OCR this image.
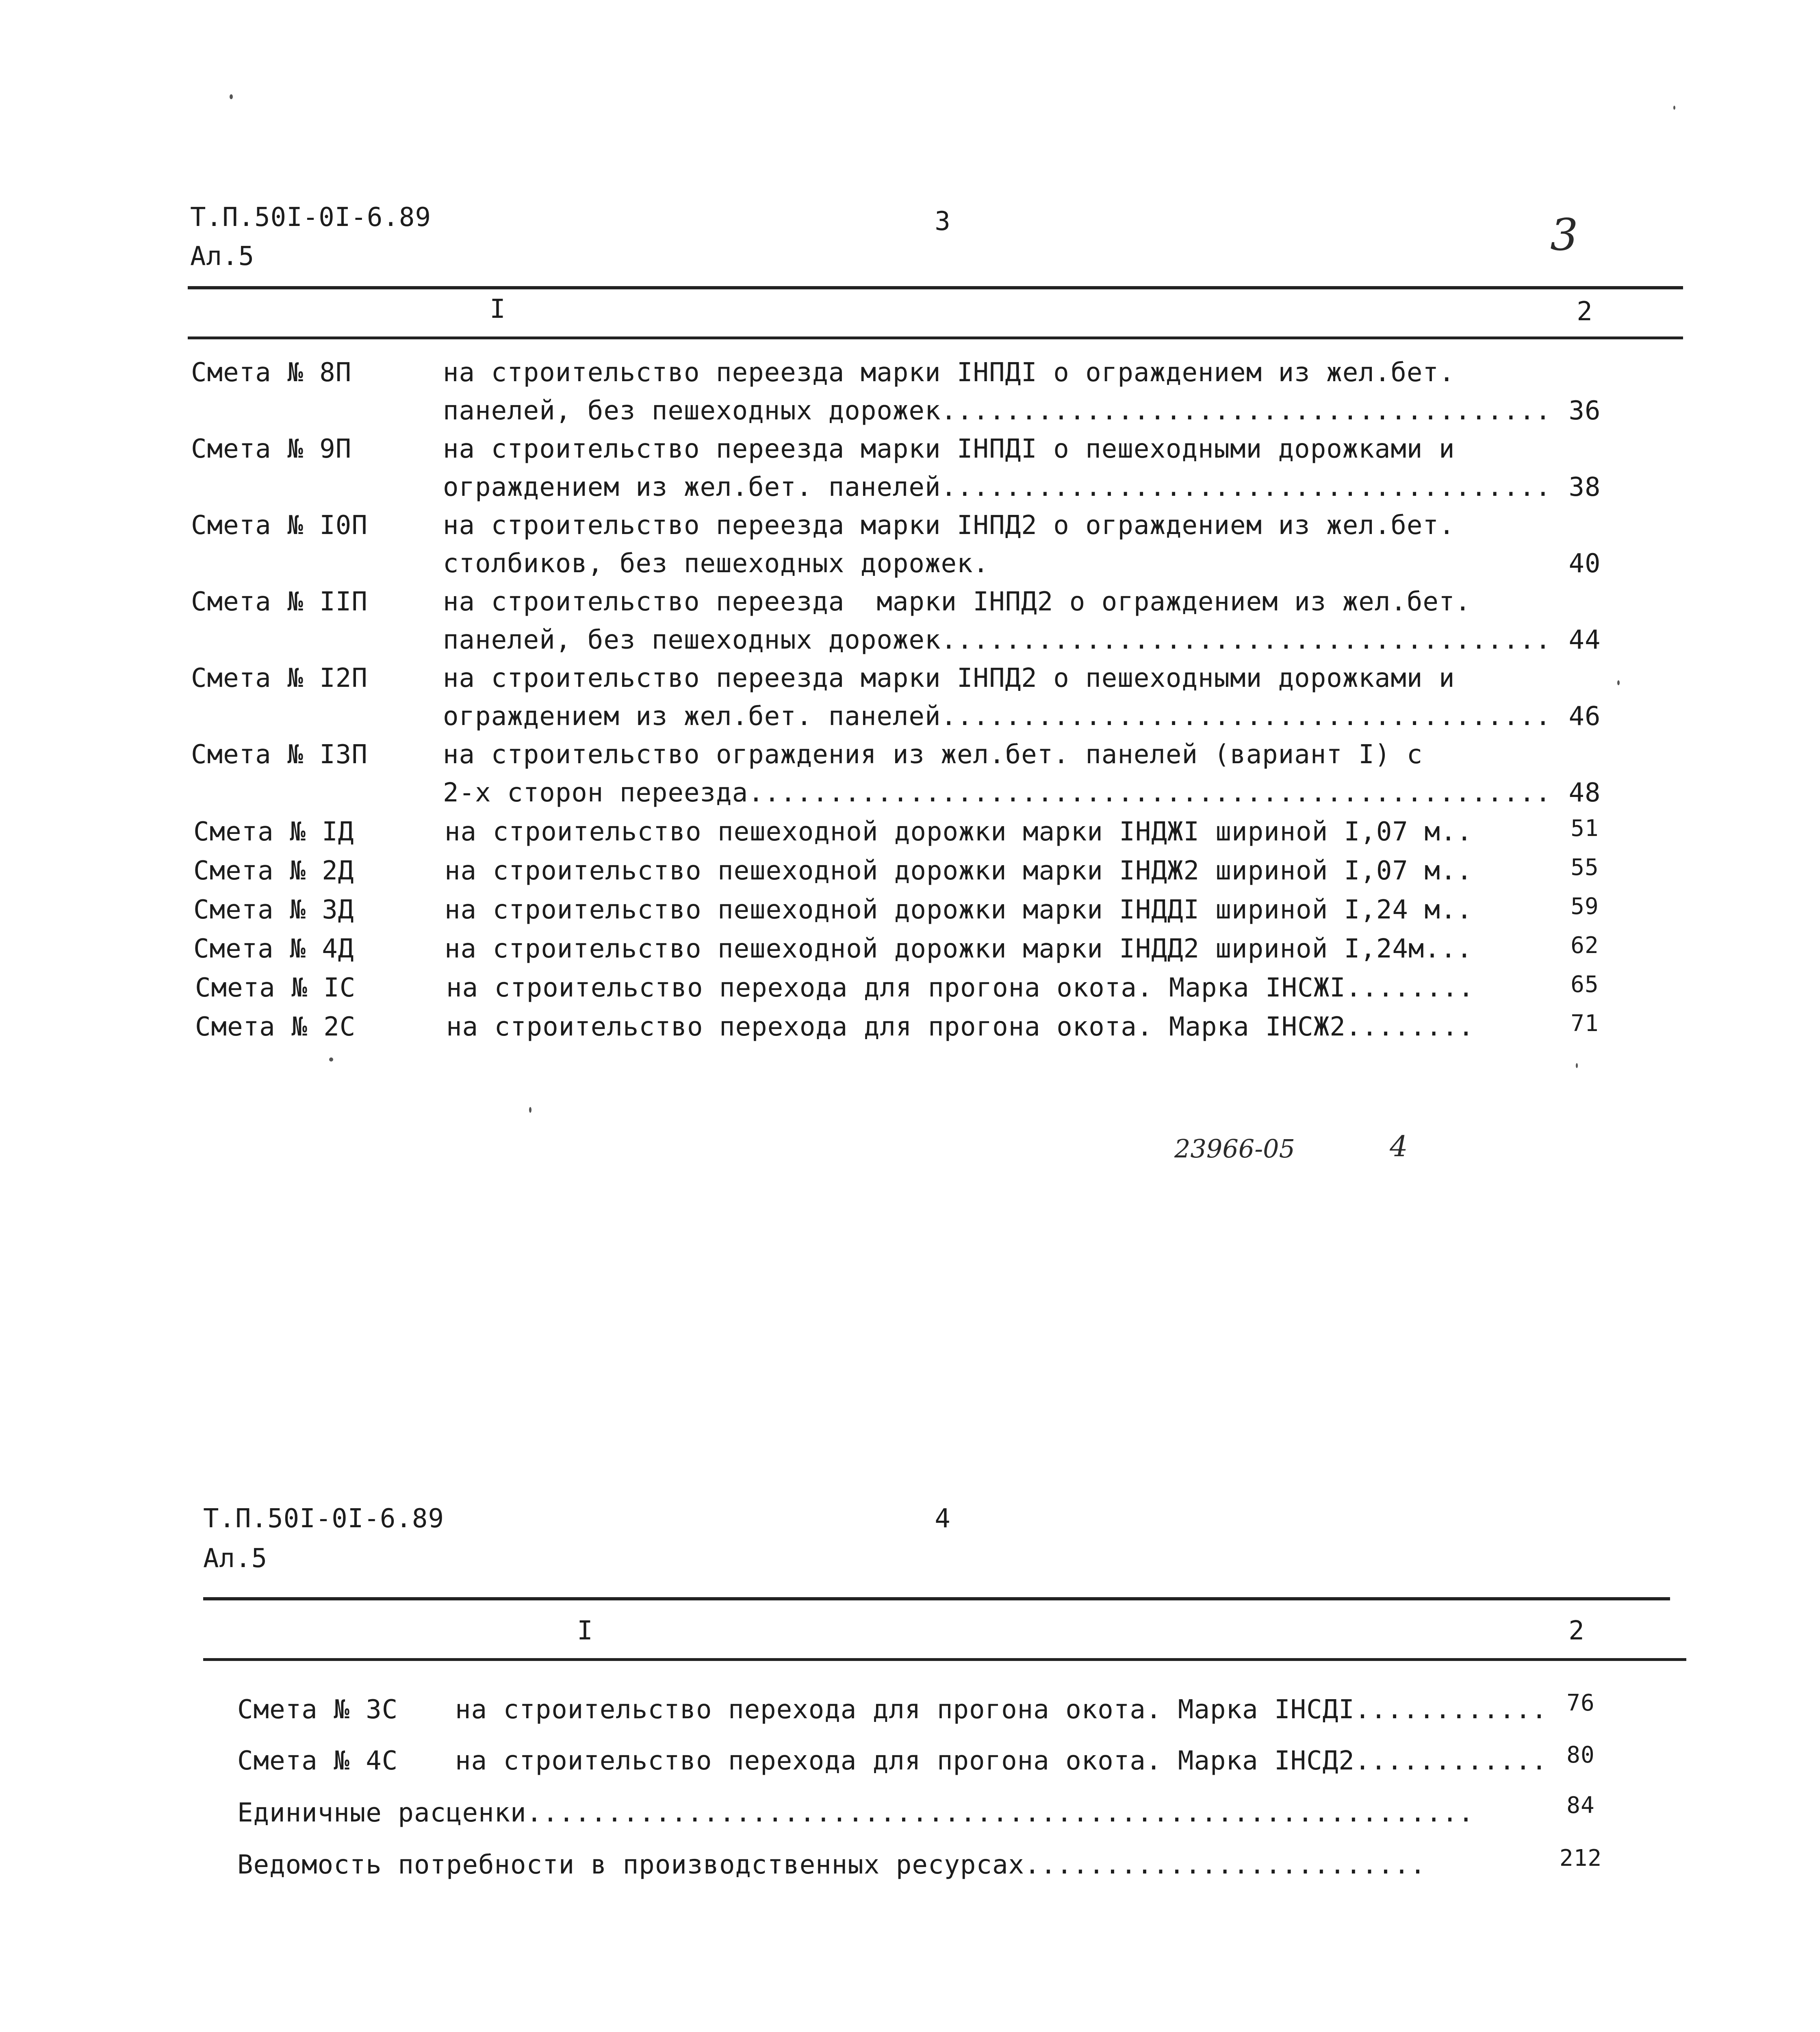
Т.П.50I-0I-6.89
Ал.5
3	3
I	2
Смета № 8П	на строительство переезда марки IНПДI о ограждением из жел.бет.
панелей, без пешеходных дорожек...................................... 36
Смета № 9П	на строительство переезда марки IНПДI о пешеходными дорожками и
ограждением из жел.бет. панелей...................................... 38
Смета № I0П	на строительство переезда марки IНПД2 о ограждением из жел.бет.
столбиков, без пешеходных дорожек.	40
Смета № IIП	на строительство переезда  марки IНПД2 о ограждением из жел.бет.
панелей, без пешеходных дорожек...................................... 44
Смета № I2П	на строительство переезда марки IНПД2 о пешеходными дорожками и
ограждением из жел.бет. панелей...................................... 46
Смета № I3П	на строительство ограждения из жел.бет. панелей (вариант I) с
2-х сторон переезда.................................................. 48
Смета № IД	на строительство пешеходной дорожки марки IНДЖI шириной I,07 м..	51
Смета № 2Д	на строительство пешеходной дорожки марки IНДЖ2 шириной I,07 м..	55
Смета № 3Д	на строительство пешеходной дорожки марки IНДДI шириной I,24 м..	59
Смета № 4Д	на строительство пешеходной дорожки марки IНДД2 шириной I,24м...	62
Смета № IС	на строительство перехода для прогона окота. Марка IНСЖI........	65
Смета № 2С	на строительство перехода для прогона окота. Марка IНСЖ2........	71
23966-05	4
Т.П.50I-0I-6.89
Ал.5
4
I	2
Смета № 3С на строительство перехода для прогона окота. Марка IНСДI............ 76
Смета № 4С на строительство перехода для прогона окота. Марка IНСД2............ 80
Единичные расценки...........................................................	84
Ведомость потребности в производственных ресурсах.........................	212
